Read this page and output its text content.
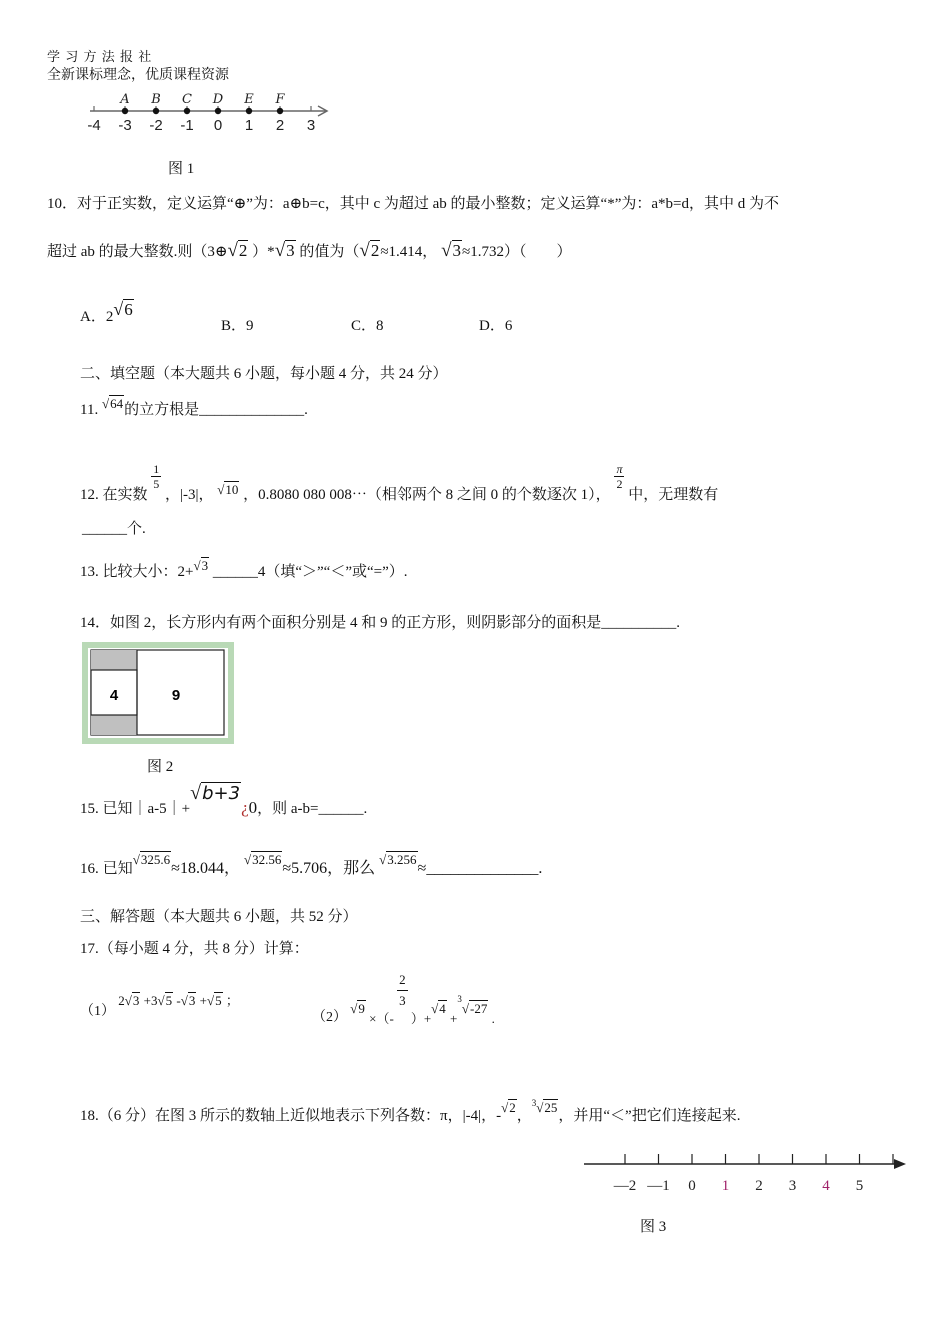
学 习 方 法 报 社
全新课标理念，优质课程资源
-4 -3 -2 -1 0 1 2 3
A B C D E F
图 1
10．对于正实数，定义运算“⊕”为：a⊕b=c，其中 c 为超过 ab 的最小整数；定义运算“*”为：a*b=d，其中 d 为不
超过 ab 的最大整数.则（3⊕√2 ）*√3 的值为（√2≈1.414， √3≈1.732）（　　）
A．2√6
B．9	C．8	D．6
二、填空题（本大题共 6 小题，每小题 4 分，共 24 分）
11. √64的立方根是______________.
12. 在实数
$\frac{1}{5}$
，|-3|， √10 ，0.8080 080 008⋯（相邻两个 8 之间 0 的个数逐次 1），
$\frac{\pi}{2}$
中，无理数有
______个.
13. 比较大小：2+√3 ______4（填“＞”“＜”或“=”）.
14．如图 2，长方形内有两个面积分别是 4 和 9 的正方形，则阴影部分的面积是__________.
4	9
图 2
15. 已知｜a-5｜+√b+3¿0，则 a-b=______.
16. 已知√325.6≈18.044， √32.56≈5.706，那么 √3.256≈______________.
三、解答题（本大题共 6 小题，共 52 分）
17.（每小题 4 分，共 8 分）计算：
（1） 2√3 +3√5 -√3 +√5 ；
（2） √9 ×（-
$\frac{2}{3}$
）+√4 +$^3$√-27 .
18.（6 分）在图 3 所示的数轴上近似地表示下列各数：π，|-4|，-√2，$^3$√25，并用“＜”把它们连接起来.
—2 —1 0 1 2 3 4 5
图 3
